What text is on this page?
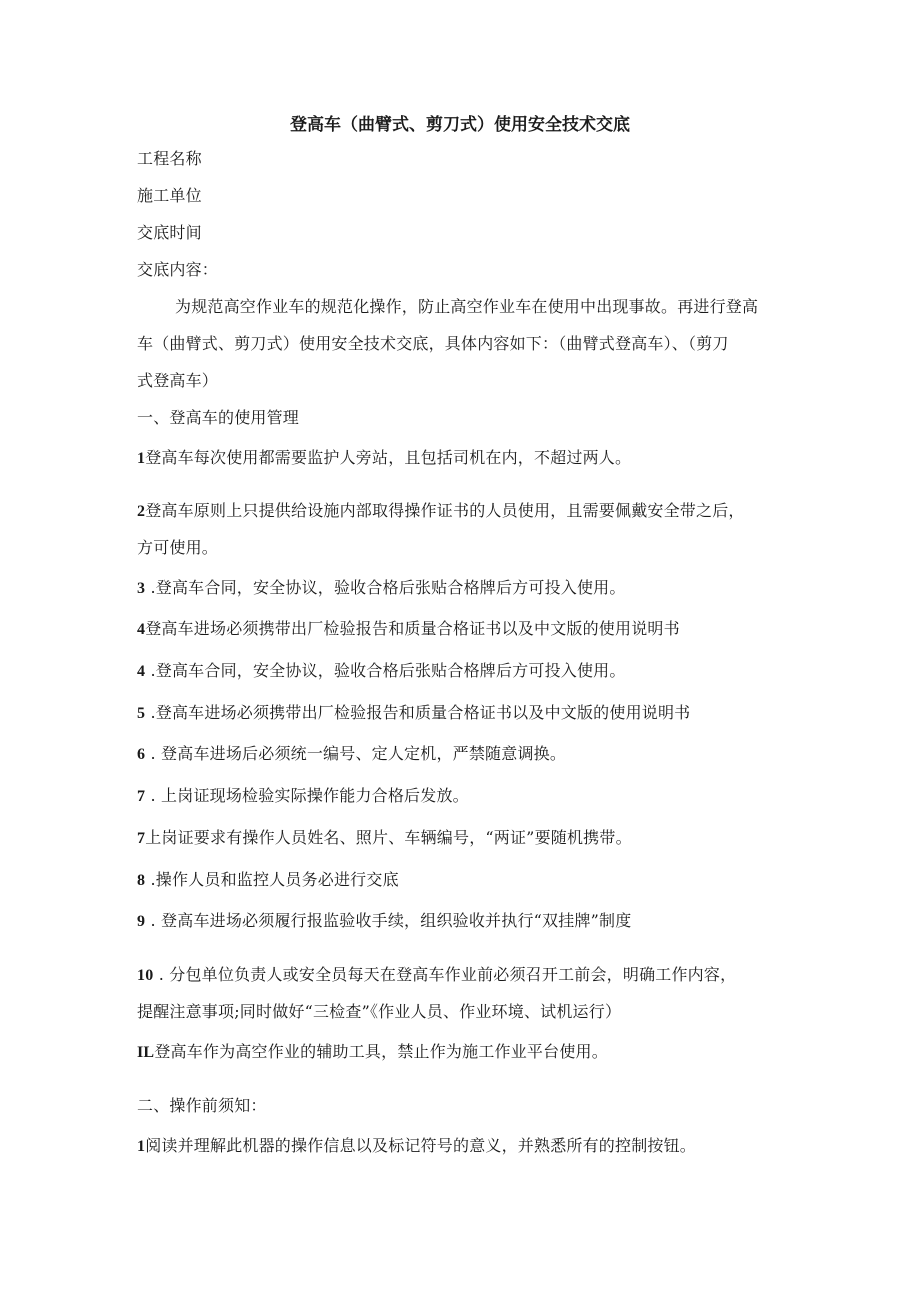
登高车（曲臂式、剪刀式）使用安全技术交底
工程名称
施工单位
交底时间
交底内容：
为规范高空作业车的规范化操作，防止高空作业车在使用中出现事故。再进行登高
车（曲臂式、剪刀式）使用安全技术交底，具体内容如下：（曲臂式登高车）、（剪刀
式登高车）
一、登高车的使用管理
1登高车每次使用都需要监护人旁站，且包括司机在内，不超过两人。
2登高车原则上只提供给设施内部取得操作证书的人员使用，且需要佩戴安全带之后，
方可使用。
3 .登高车合同，安全协议，验收合格后张贴合格牌后方可投入使用。
4登高车进场必须携带出厂检验报告和质量合格证书以及中文版的使用说明书
4 .登高车合同，安全协议，验收合格后张贴合格牌后方可投入使用。
5 .登高车进场必须携带出厂检验报告和质量合格证书以及中文版的使用说明书
6 . 登高车进场后必须统一编号、定人定机，严禁随意调换。
7 . 上岗证现场检验实际操作能力合格后发放。
7上岗证要求有操作人员姓名、照片、车辆编号，“两证”要随机携带。
8 .操作人员和监控人员务必进行交底
9 . 登高车进场必须履行报监验收手续，组织验收并执行“双挂牌”制度
10 . 分包单位负责人或安全员每天在登高车作业前必须召开工前会，明确工作内容，
提醒注意事项;同时做好“三检查”《作业人员、作业环境、试机运行）
IL登高车作为高空作业的辅助工具，禁止作为施工作业平台使用。
二、操作前须知：
1阅读并理解此机器的操作信息以及标记符号的意义，并熟悉所有的控制按钮。
